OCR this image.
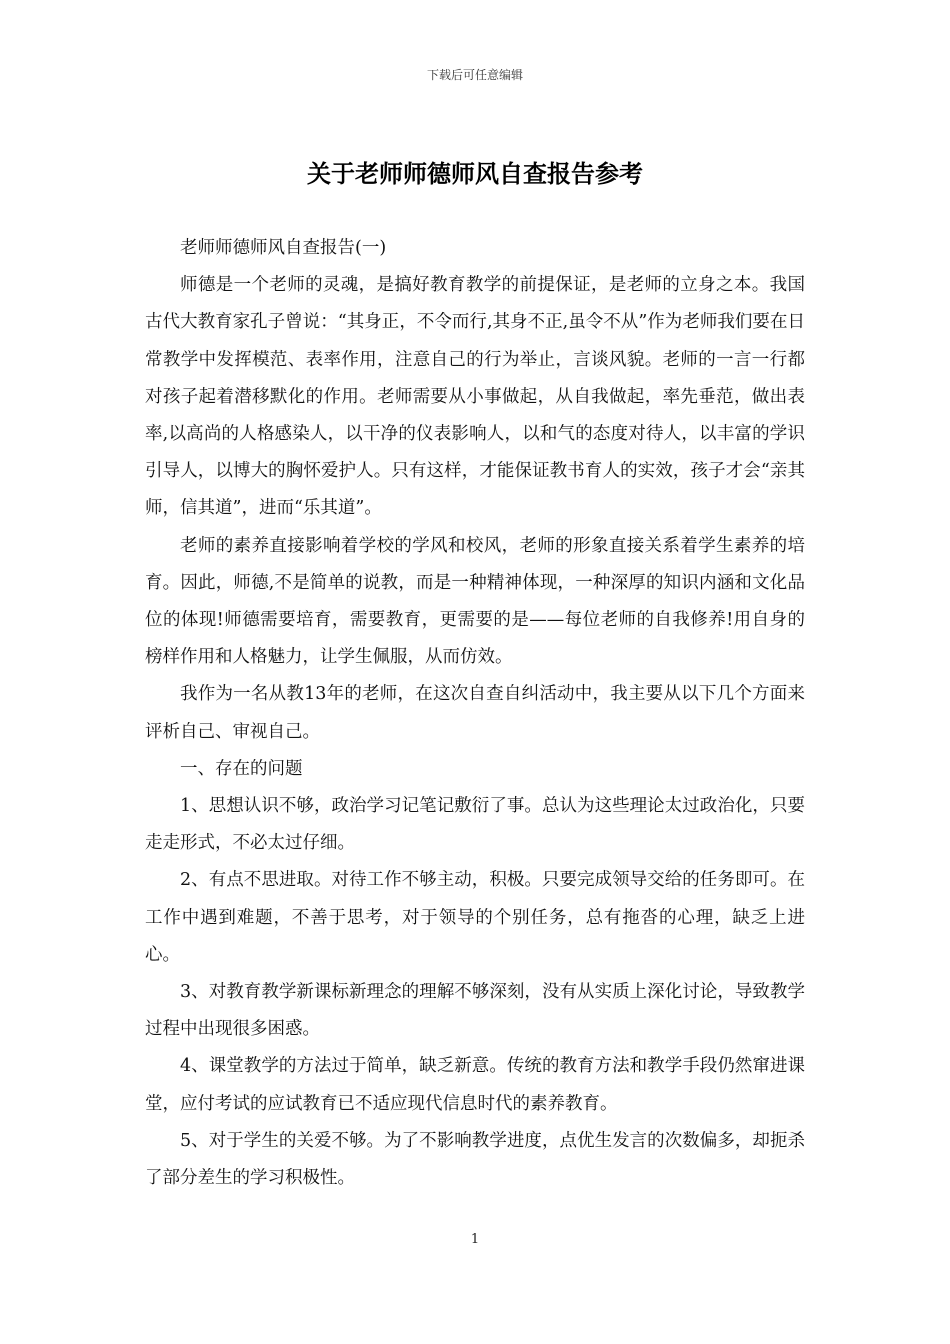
下载后可任意编辑
关于老师师德师风自查报告参考

老师师德师风自查报告(一)

师德是一个老师的灵魂，是搞好教育教学的前提保证，是老师的立身之本。我国古代大教育家孔子曾说：“其身正，不令而行,其身不正,虽令不从”作为老师我们要在日常教学中发挥模范、表率作用，注意自己的行为举止，言谈风貌。老师的一言一行都对孩子起着潜移默化的作用。老师需要从小事做起，从自我做起，率先垂范，做出表率,以高尚的人格感染人，以干净的仪表影响人，以和气的态度对待人，以丰富的学识引导人，以博大的胸怀爱护人。只有这样，才能保证教书育人的实效，孩子才会“亲其师，信其道”，进而“乐其道”。

老师的素养直接影响着学校的学风和校风，老师的形象直接关系着学生素养的培育。因此，师德,不是简单的说教，而是一种精神体现，一种深厚的知识内涵和文化品位的体现!师德需要培育，需要教育，更需要的是——每位老师的自我修养!用自身的榜样作用和人格魅力，让学生佩服，从而仿效。

我作为一名从教13年的老师，在这次自查自纠活动中，我主要从以下几个方面来评析自己、审视自己。

一、存在的问题

1、思想认识不够，政治学习记笔记敷衍了事。总认为这些理论太过政治化，只要走走形式，不必太过仔细。

2、有点不思进取。对待工作不够主动，积极。只要完成领导交给的任务即可。在工作中遇到难题，不善于思考，对于领导的个别任务，总有拖沓的心理，缺乏上进心。

3、对教育教学新课标新理念的理解不够深刻，没有从实质上深化讨论，导致教学过程中出现很多困惑。

4、课堂教学的方法过于简单，缺乏新意。传统的教育方法和教学手段仍然窜进课堂，应付考试的应试教育已不适应现代信息时代的素养教育。

5、对于学生的关爱不够。为了不影响教学进度，点优生发言的次数偏多，却扼杀了部分差生的学习积极性。

1
